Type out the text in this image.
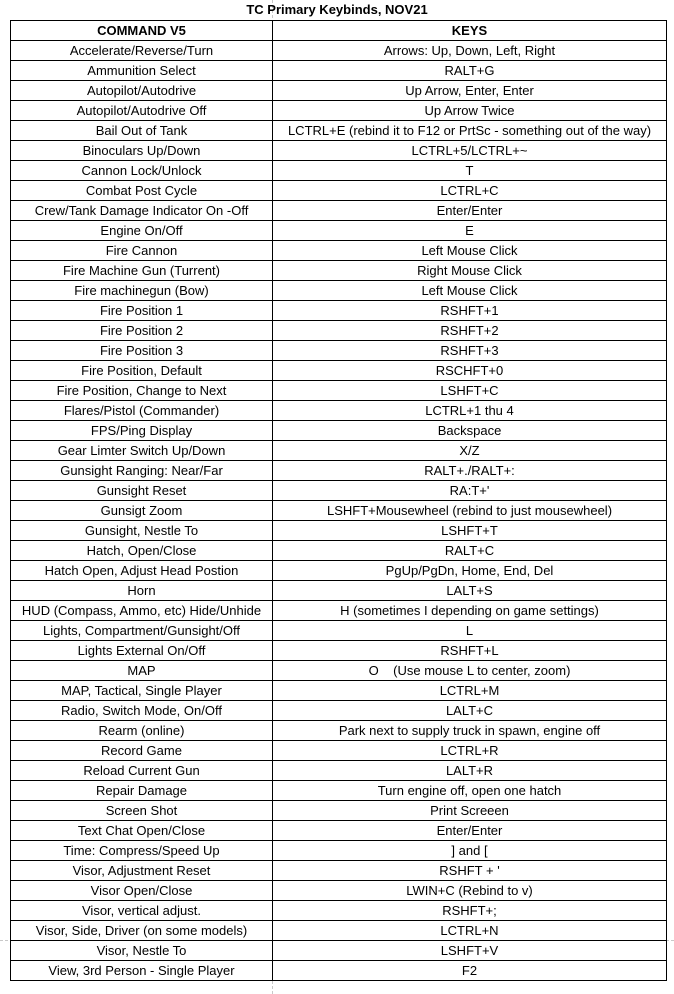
TC Primary Keybinds, NOV21
COMMAND V5	KEYS
Accelerate/Reverse/Turn	Arrows: Up, Down, Left, Right
Ammunition Select	RALT+G
Autopilot/Autodrive	Up Arrow, Enter, Enter
Autopilot/Autodrive Off	Up Arrow Twice
Bail Out of Tank	LCTRL+E (rebind it to F12 or PrtSc - something out of the way)
Binoculars Up/Down	LCTRL+5/LCTRL+~
Cannon Lock/Unlock	T
Combat Post Cycle	LCTRL+C
Crew/Tank Damage Indicator On -Off	Enter/Enter
Engine On/Off	E
Fire Cannon	Left Mouse Click
Fire Machine Gun (Turrent)	Right Mouse Click
Fire machinegun (Bow)	Left Mouse Click
Fire Position 1	RSHFT+1
Fire Position 2	RSHFT+2
Fire Position 3	RSHFT+3
Fire Position, Default	RSCHFT+0
Fire Position, Change to Next	LSHFT+C
Flares/Pistol (Commander)	LCTRL+1 thu 4
FPS/Ping Display	Backspace
Gear Limter Switch Up/Down	X/Z
Gunsight Ranging: Near/Far	RALT+./RALT+:
Gunsight Reset	RA:T+'
Gunsigt Zoom	LSHFT+Mousewheel (rebind to just mousewheel)
Gunsight, Nestle To	LSHFT+T
Hatch, Open/Close	RALT+C
Hatch Open, Adjust Head Postion	PgUp/PgDn, Home, End, Del
Horn	LALT+S
HUD (Compass, Ammo, etc) Hide/Unhide	H (sometimes I depending on game settings)
Lights, Compartment/Gunsight/Off	L
Lights External On/Off	RSHFT+L
MAP	O    (Use mouse L to center, zoom)
MAP, Tactical, Single Player	LCTRL+M
Radio, Switch Mode, On/Off	LALT+C
Rearm (online)	Park next to supply truck in spawn, engine off
Record Game	LCTRL+R
Reload Current Gun	LALT+R
Repair Damage	Turn engine off, open one hatch
Screen Shot	Print Screeen
Text Chat Open/Close	Enter/Enter
Time: Compress/Speed Up	] and [
Visor, Adjustment Reset	RSHFT + '
Visor Open/Close	LWIN+C (Rebind to v)
Visor, vertical adjust.	RSHFT+;
Visor, Side, Driver (on some models)	LCTRL+N
Visor, Nestle To	LSHFT+V
View, 3rd Person - Single Player	F2
